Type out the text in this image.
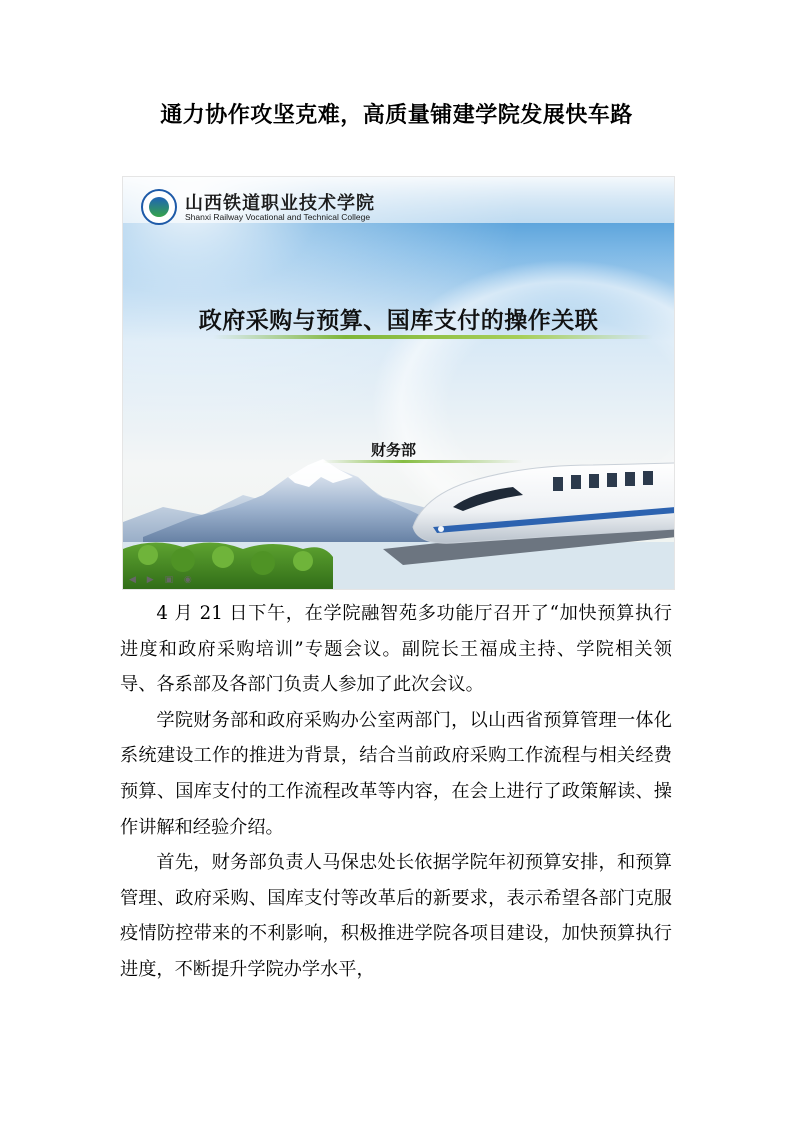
通力协作攻坚克难，高质量铺建学院发展快车路
山西铁道职业技术学院
Shanxi Railway Vocational and Technical College
政府采购与预算、国库支付的操作关联
财务部
◀ ▶ ▣ ◉

4 月 21 日下午，在学院融智苑多功能厅召开了“加快预算执行进度和政府采购培训”专题会议。副院长王福成主持、学院相关领导、各系部及各部门负责人参加了此次会议。

学院财务部和政府采购办公室两部门，以山西省预算管理一体化系统建设工作的推进为背景，结合当前政府采购工作流程与相关经费预算、国库支付的工作流程改革等内容，在会上进行了政策解读、操作讲解和经验介绍。

首先，财务部负责人马保忠处长依据学院年初预算安排，和预算管理、政府采购、国库支付等改革后的新要求，表示希望各部门克服疫情防控带来的不利影响，积极推进学院各项目建设，加快预算执行进度，不断提升学院办学水平，
